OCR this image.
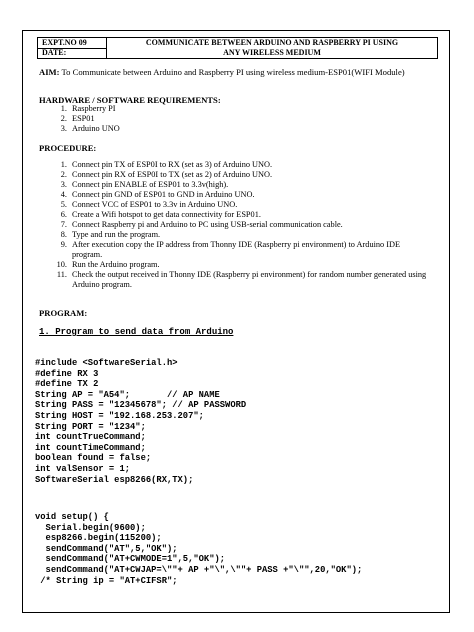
EXPT.NO 09
DATE:
COMMUNICATE BETWEEN ARDUINO AND RASPBERRY PI USING
ANY WIRELESS MEDIUM
AIM: To Communicate between Arduino and Raspberry PI using wireless medium-ESP01(WIFI Module)
HARDWARE / SOFTWARE REQUIREMENTS:
1. Raspberry PI
2. ESP01
3. Arduino UNO
PROCEDURE:
1. Connect pin TX of ESP0I to RX (set as 3) of Arduino UNO.
2. Connect pin RX of ESP0I to TX (set as 2) of Arduino UNO.
3. Connect pin ENABLE of ESP01 to 3.3v(high).
4. Connect pin GND of ESP01 to GND in Arduino UNO.
5. Connect VCC of ESP01 to 3.3v in Arduino UNO.
6. Create a Wifi hotspot to get data connectivity for ESP01.
7. Connect Raspberry pi and Arduino to PC using USB-serial communication cable.
8. Type and run the program.
9. After execution copy the IP address from Thonny IDE (Raspberry pi environment) to Arduino IDE program.
10. Run the Arduino program.
11. Check the output received in Thonny IDE (Raspberry pi environment) for random number generated using Arduino program.
PROGRAM:
1. Program to send data from Arduino
#include <SoftwareSerial.h>
#define RX 3
#define TX 2
String AP = "A54";       // AP NAME
String PASS = "12345678"; // AP PASSWORD
String HOST = "192.168.253.207";
String PORT = "1234";
int countTrueCommand;
int countTimeCommand;
boolean found = false;
int valSensor = 1;
SoftwareSerial esp8266(RX,TX);
void setup() {
Serial.begin(9600);
esp8266.begin(115200);
sendCommand("AT",5,"OK");
sendCommand("AT+CWMODE=1",5,"OK");
sendCommand("AT+CWJAP=\""+ AP +"\",\""+ PASS +"\"",20,"OK");
/* String ip = "AT+CIFSR";
